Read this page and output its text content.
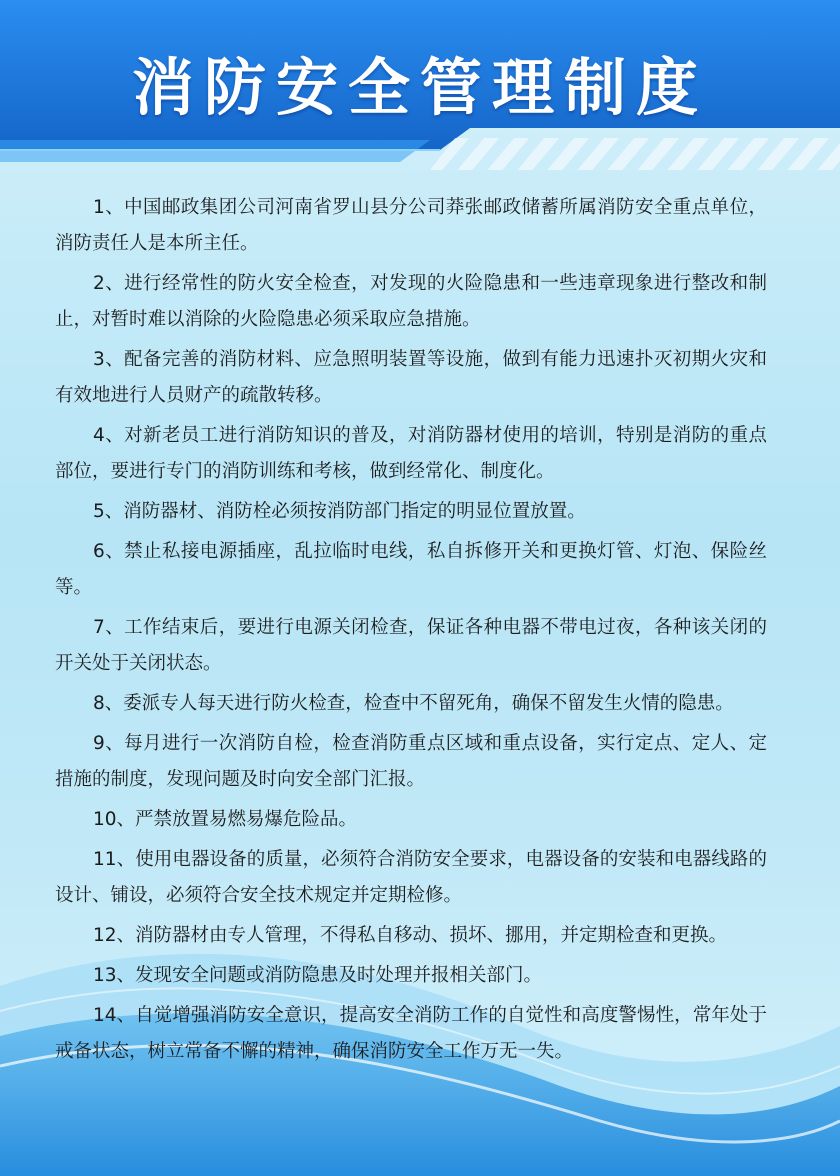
消防安全管理制度

1、中国邮政集团公司河南省罗山县分公司莽张邮政储蓄所属消防安全重点单位，消防责任人是本所主任。

2、进行经常性的防火安全检查，对发现的火险隐患和一些违章现象进行整改和制止，对暂时难以消除的火险隐患必须采取应急措施。

3、配备完善的消防材料、应急照明装置等设施，做到有能力迅速扑灭初期火灾和有效地进行人员财产的疏散转移。

4、对新老员工进行消防知识的普及，对消防器材使用的培训，特别是消防的重点部位，要进行专门的消防训练和考核，做到经常化、制度化。

5、消防器材、消防栓必须按消防部门指定的明显位置放置。

6、禁止私接电源插座，乱拉临时电线，私自拆修开关和更换灯管、灯泡、保险丝等。

7、工作结束后，要进行电源关闭检查，保证各种电器不带电过夜，各种该关闭的开关处于关闭状态。

8、委派专人每天进行防火检查，检查中不留死角，确保不留发生火情的隐患。

9、每月进行一次消防自检，检查消防重点区域和重点设备，实行定点、定人、定措施的制度，发现问题及时向安全部门汇报。

10、严禁放置易燃易爆危险品。

11、使用电器设备的质量，必须符合消防安全要求，电器设备的安装和电器线路的设计、铺设，必须符合安全技术规定并定期检修。

12、消防器材由专人管理，不得私自移动、损坏、挪用，并定期检查和更换。

13、发现安全问题或消防隐患及时处理并报相关部门。

14、自觉增强消防安全意识，提高安全消防工作的自觉性和高度警惕性，常年处于戒备状态，树立常备不懈的精神，确保消防安全工作万无一失。
